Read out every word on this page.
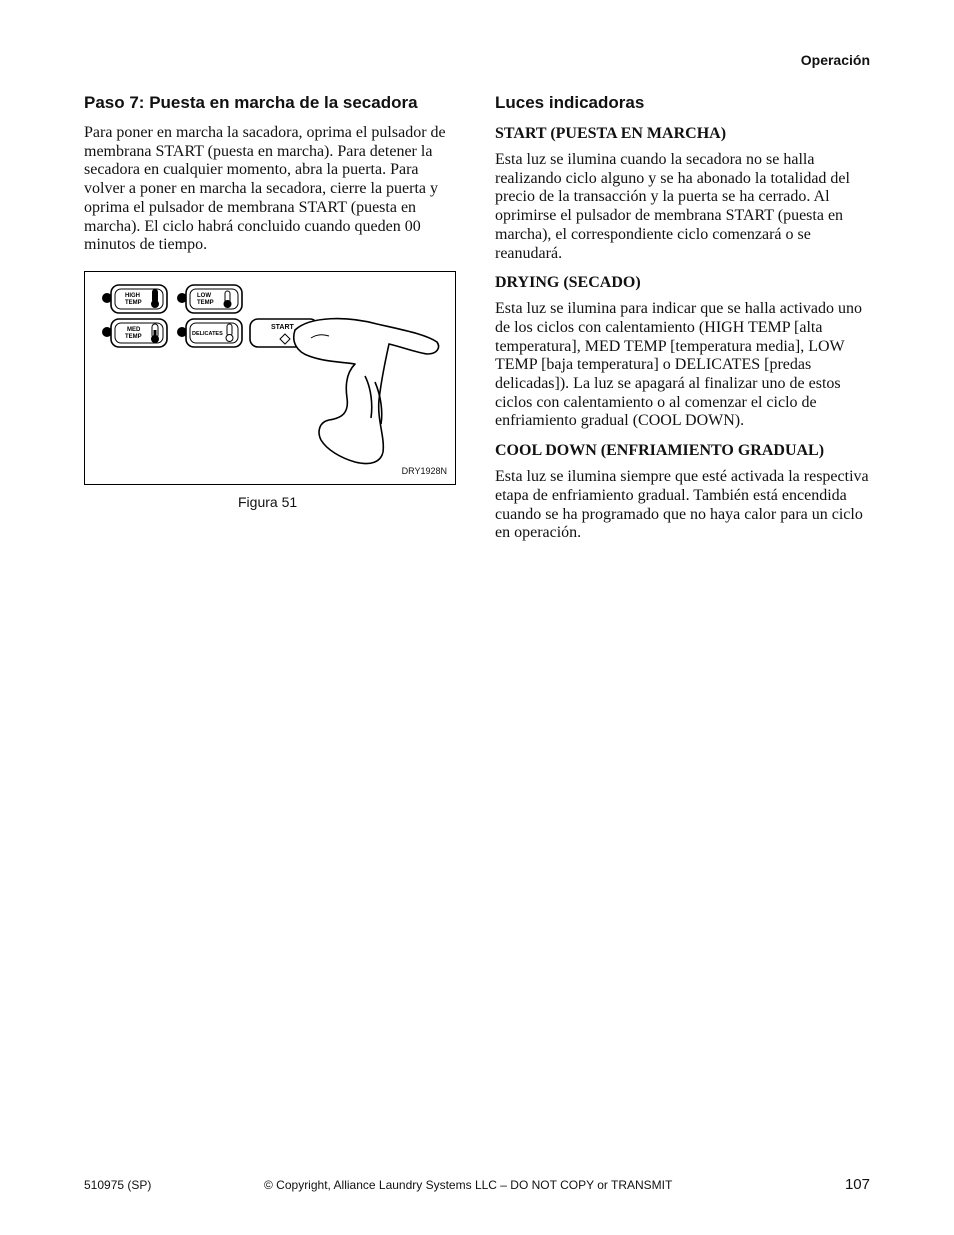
Operación
Paso 7: Puesta en marcha de la secadora

Para poner en marcha la sacadora, oprima el pulsador de membrana START (puesta en marcha). Para detener la secadora en cualquier momento, abra la puerta. Para volver a poner en marcha la secadora, cierre la puerta y oprima el pulsador de membrana START (puesta en marcha). El ciclo habrá concluido cuando queden 00 minutos de tiempo.

HIGH
TEMP
LOW
TEMP
MED
TEMP	DELICATES
START
DRY1928N
Figura 51
Luces indicadoras
START (PUESTA EN MARCHA)

Esta luz se ilumina cuando la secadora no se halla realizando ciclo alguno y se ha abonado la totalidad del precio de la transacción y la puerta se ha cerrado. Al oprimirse el pulsador de membrana START (puesta en marcha), el correspondiente ciclo comenzará o se reanudará.

DRYING (SECADO)

Esta luz se ilumina para indicar que se halla activado uno de los ciclos con calentamiento (HIGH TEMP [alta temperatura], MED TEMP [temperatura media], LOW TEMP [baja temperatura] o DELICATES [predas delicadas]). La luz se apagará al finalizar uno de estos ciclos con calentamiento o al comenzar el ciclo de enfriamiento gradual (COOL DOWN).

COOL DOWN (ENFRIAMIENTO GRADUAL)

Esta luz se ilumina siempre que esté activada la respectiva etapa de enfriamiento gradual. También está encendida cuando se ha programado que no haya calor para un ciclo en operación.

510975 (SP)	© Copyright, Alliance Laundry Systems LLC – DO NOT COPY or TRANSMIT	107
